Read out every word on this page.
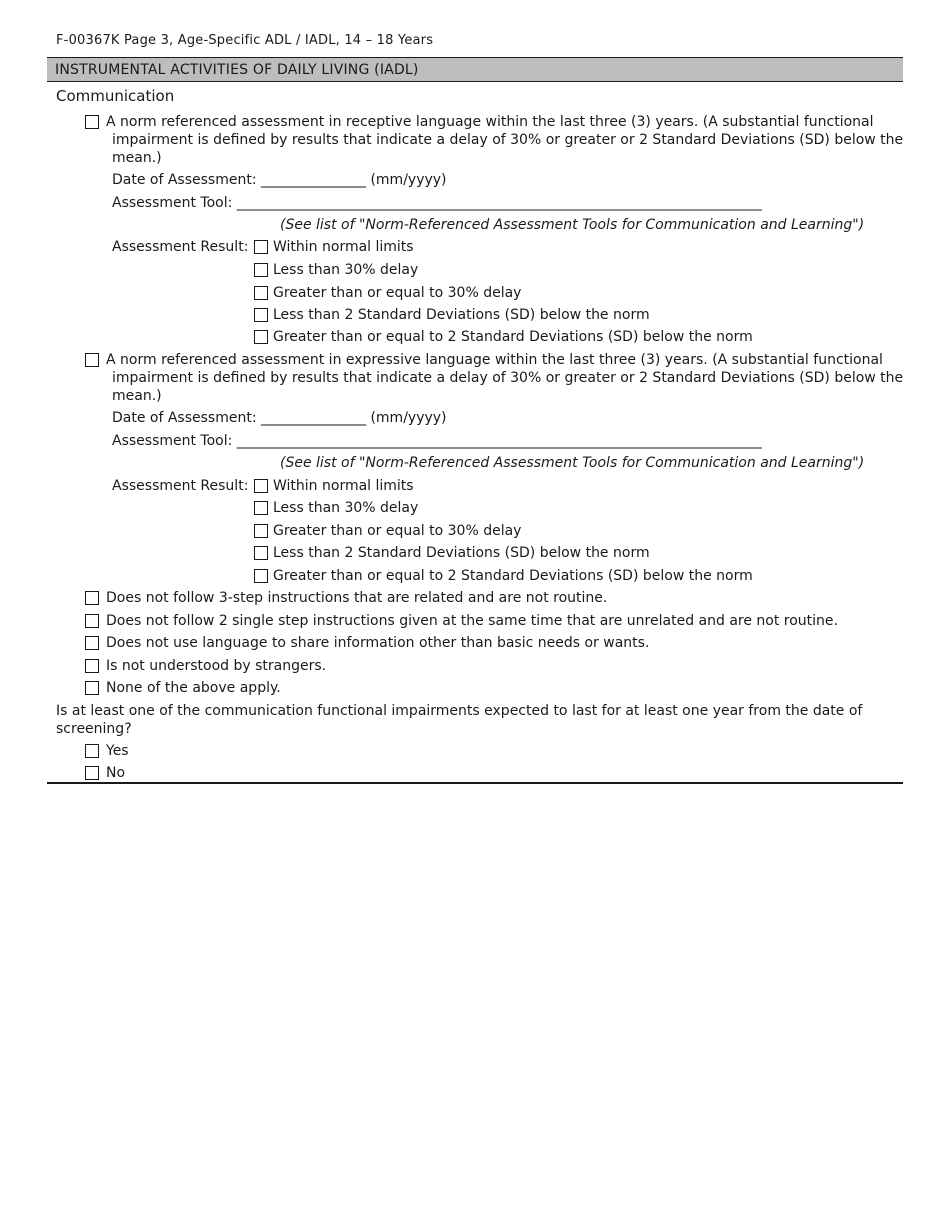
F-00367K Page 3, Age-Specific ADL / IADL, 14 – 18 Years
INSTRUMENTAL ACTIVITIES OF DAILY LIVING (IADL)
Communication
A norm referenced assessment in receptive language within the last three (3) years. (A substantial functional
impairment is defined by results that indicate a delay of 30% or greater or 2 Standard Deviations (SD) below the
mean.)
Date of Assessment: _______________ (mm/yyyy)
Assessment Tool: ___________________________________________________________________________
(See list of "Norm-Referenced Assessment Tools for Communication and Learning")
Assessment Result: Within normal limits
Less than 30% delay
Greater than or equal to 30% delay
Less than 2 Standard Deviations (SD) below the norm
Greater than or equal to 2 Standard Deviations (SD) below the norm
A norm referenced assessment in expressive language within the last three (3) years. (A substantial functional
impairment is defined by results that indicate a delay of 30% or greater or 2 Standard Deviations (SD) below the
mean.)
Date of Assessment: _______________ (mm/yyyy)
Assessment Tool: ___________________________________________________________________________
(See list of "Norm-Referenced Assessment Tools for Communication and Learning")
Assessment Result: Within normal limits
Less than 30% delay
Greater than or equal to 30% delay
Less than 2 Standard Deviations (SD) below the norm
Greater than or equal to 2 Standard Deviations (SD) below the norm
Does not follow 3-step instructions that are related and are not routine.
Does not follow 2 single step instructions given at the same time that are unrelated and are not routine.
Does not use language to share information other than basic needs or wants.
Is not understood by strangers.
None of the above apply.
Is at least one of the communication functional impairments expected to last for at least one year from the date of
screening?
Yes
No
